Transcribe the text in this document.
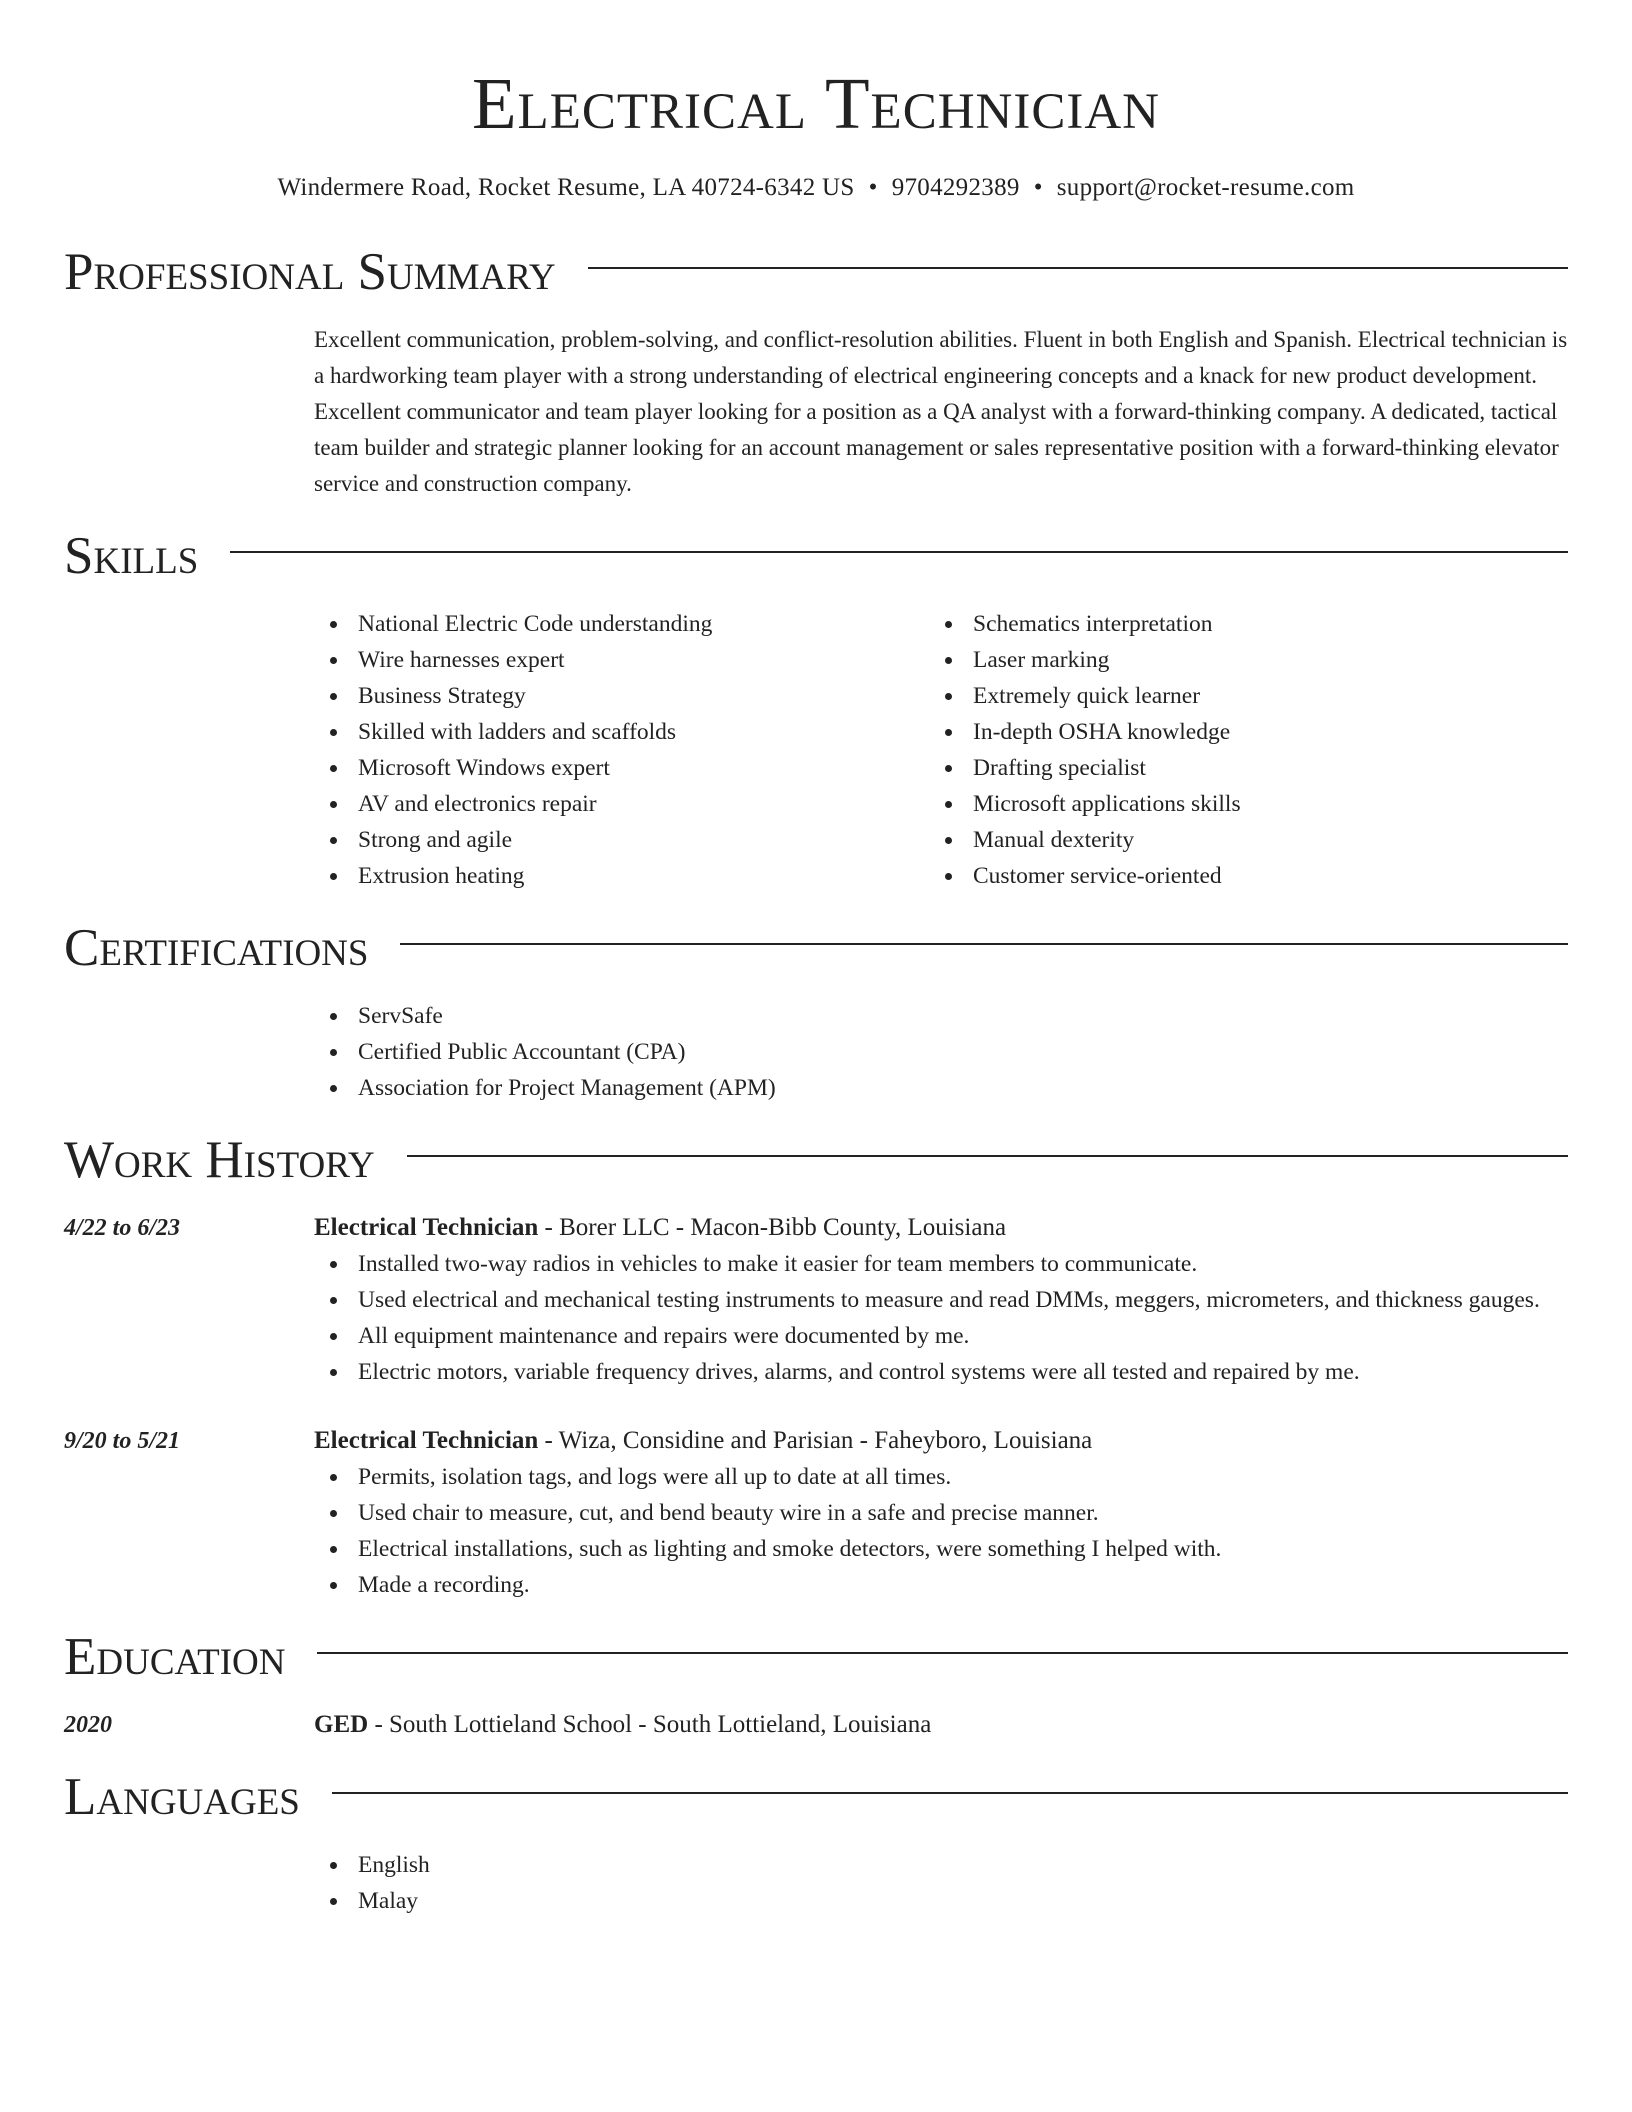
Electrical Technician
Windermere Road, Rocket Resume, LA 40724-6342 US • 9704292389 • support@rocket-resume.com
Professional Summary
Excellent communication, problem-solving, and conflict-resolution abilities. Fluent in both English and Spanish. Electrical technician is a hardworking team player with a strong understanding of electrical engineering concepts and a knack for new product development. Excellent communicator and team player looking for a position as a QA analyst with a forward-thinking company. A dedicated, tactical team builder and strategic planner looking for an account management or sales representative position with a forward-thinking elevator service and construction company.
Skills
National Electric Code understanding
Wire harnesses expert
Business Strategy
Skilled with ladders and scaffolds
Microsoft Windows expert
AV and electronics repair
Strong and agile
Extrusion heating
Schematics interpretation
Laser marking
Extremely quick learner
In-depth OSHA knowledge
Drafting specialist
Microsoft applications skills
Manual dexterity
Customer service-oriented
Certifications
ServSafe
Certified Public Accountant (CPA)
Association for Project Management (APM)
Work History
4/22 to 6/23	Electrical Technician - Borer LLC - Macon-Bibb County, Louisiana
Installed two-way radios in vehicles to make it easier for team members to communicate.
Used electrical and mechanical testing instruments to measure and read DMMs, meggers, micrometers, and thickness gauges.
All equipment maintenance and repairs were documented by me.
Electric motors, variable frequency drives, alarms, and control systems were all tested and repaired by me.
9/20 to 5/21	Electrical Technician - Wiza, Considine and Parisian - Faheyboro, Louisiana
Permits, isolation tags, and logs were all up to date at all times.
Used chair to measure, cut, and bend beauty wire in a safe and precise manner.
Electrical installations, such as lighting and smoke detectors, were something I helped with.
Made a recording.
Education
2020	GED - South Lottieland School - South Lottieland, Louisiana
Languages
English
Malay
